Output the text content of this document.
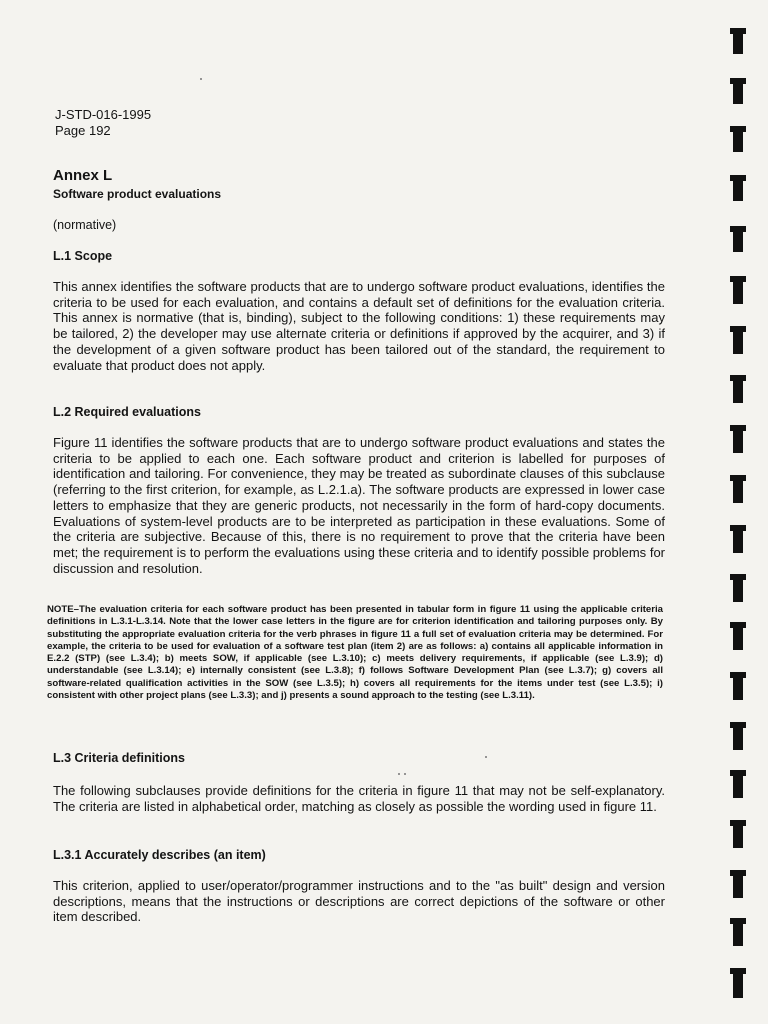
J-STD-016-1995
Page 192
Annex L
Software product evaluations
(normative)
L.1 Scope
This annex identifies the software products that are to undergo software product evaluations, identifies the criteria to be used for each evaluation, and contains a default set of definitions for the evaluation criteria. This annex is normative (that is, binding), subject to the following conditions: 1) these requirements may be tailored, 2) the developer may use alternate criteria or definitions if approved by the acquirer, and 3) if the development of a given software product has been tailored out of the standard, the requirement to evaluate that product does not apply.
L.2 Required evaluations
Figure 11 identifies the software products that are to undergo software product evaluations and states the criteria to be applied to each one. Each software product and criterion is labelled for purposes of identification and tailoring. For convenience, they may be treated as subordinate clauses of this subclause (referring to the first criterion, for example, as L.2.1.a). The software products are expressed in lower case letters to emphasize that they are generic products, not necessarily in the form of hard-copy documents. Evaluations of system-level products are to be interpreted as participation in these evaluations. Some of the criteria are subjective. Because of this, there is no requirement to prove that the criteria have been met; the requirement is to perform the evaluations using these criteria and to identify possible problems for discussion and resolution.
NOTE–The evaluation criteria for each software product has been presented in tabular form in figure 11 using the applicable criteria definitions in L.3.1-L.3.14. Note that the lower case letters in the figure are for criterion identification and tailoring purposes only. By substituting the appropriate evaluation criteria for the verb phrases in figure 11 a full set of evaluation criteria may be determined. For example, the criteria to be used for evaluation of a software test plan (item 2) are as follows: a) contains all applicable information in E.2.2 (STP) (see L.3.4); b) meets SOW, if applicable (see L.3.10); c) meets delivery requirements, if applicable (see L.3.9); d) understandable (see L.3.14); e) internally consistent (see L.3.8); f) follows Software Development Plan (see L.3.7); g) covers all software-related qualification activities in the SOW (see L.3.5); h) covers all requirements for the items under test (see L.3.5); i) consistent with other project plans (see L.3.3); and j) presents a sound approach to the testing (see L.3.11).
L.3 Criteria definitions
The following subclauses provide definitions for the criteria in figure 11 that may not be self-explanatory. The criteria are listed in alphabetical order, matching as closely as possible the wording used in figure 11.
L.3.1 Accurately describes (an item)
This criterion, applied to user/operator/programmer instructions and to the "as built" design and version descriptions, means that the instructions or descriptions are correct depictions of the software or other item described.
